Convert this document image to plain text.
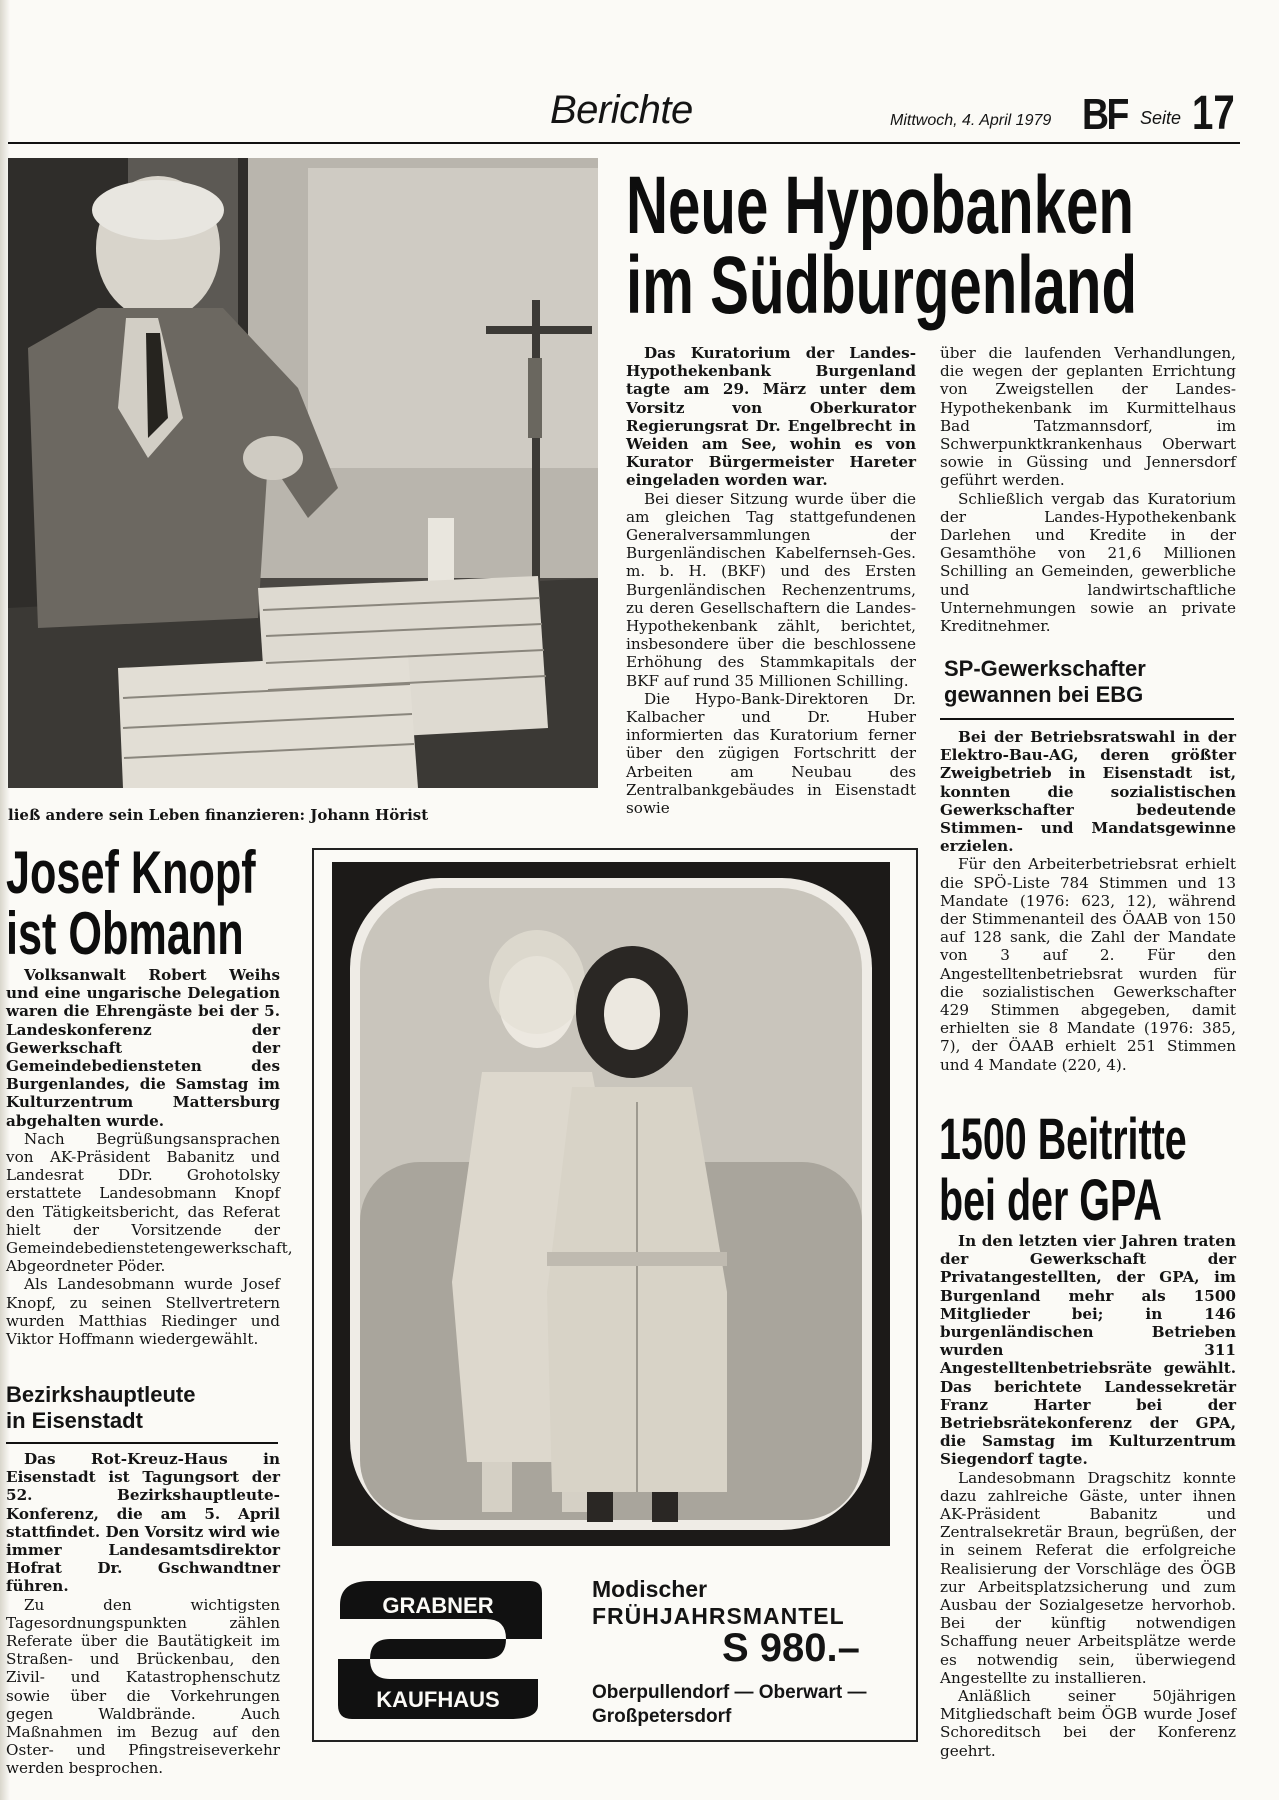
Berichte	Mittwoch, 4. April 1979 BF Seite 17
ließ andere sein Leben finanzieren: Johann Hörist
Neue Hypobanken
im Südburgenland

Das Kuratorium der Landes-Hypothekenbank Burgenland tagte am 29. März unter dem Vorsitz von Oberkurator Regierungsrat Dr. Engelbrecht in Weiden am See, wohin es von Kurator Bürgermeister Hareter eingeladen worden war.

Bei dieser Sitzung wurde über die am gleichen Tag stattgefundenen Generalversammlungen der Burgenländischen Kabelfernseh-Ges. m. b. H. (BKF) und des Ersten Burgenländischen Rechenzentrums, zu deren Gesellschaftern die Landes-Hypothekenbank zählt, berichtet, insbesondere über die beschlossene Erhöhung des Stammkapitals der BKF auf rund 35 Millionen Schilling.

Die Hypo-Bank-Direktoren Dr. Kalbacher und Dr. Huber informierten das Kuratorium ferner über den zügigen Fortschritt der Arbeiten am Neubau des Zentralbankgebäudes in Eisenstadt sowie

über die laufenden Verhandlungen, die wegen der geplanten Errichtung von Zweigstellen der Landes-Hypothekenbank im Kurmittelhaus Bad Tatzmannsdorf, im Schwerpunktkrankenhaus Oberwart sowie in Güssing und Jennersdorf geführt werden.

Schließlich vergab das Kuratorium der Landes-Hypothekenbank Darlehen und Kredite in der Gesamthöhe von 21,6 Millionen Schilling an Gemeinden, gewerbliche und landwirtschaftliche Unternehmungen sowie an private Kreditnehmer.

SP-Gewerkschafter
gewannen bei EBG

Bei der Betriebsratswahl in der Elektro-Bau-AG, deren größter Zweigbetrieb in Eisenstadt ist, konnten die sozialistischen Gewerkschafter bedeutende Stimmen- und Mandatsgewinne erzielen.

Für den Arbeiterbetriebsrat erhielt die SPÖ-Liste 784 Stimmen und 13 Mandate (1976: 623, 12), während der Stimmenanteil des ÖAAB von 150 auf 128 sank, die Zahl der Mandate von 3 auf 2. Für den Angestelltenbetriebsrat wurden für die sozialistischen Gewerkschafter 429 Stimmen abgegeben, damit erhielten sie 8 Mandate (1976: 385, 7), der ÖAAB erhielt 251 Stimmen und 4 Mandate (220, 4).

1500 Beitritte
bei der GPA

In den letzten vier Jahren traten der Gewerkschaft der Privatangestellten, der GPA, im Burgenland mehr als 1500 Mitglieder bei; in 146 burgenländischen Betrieben wurden 311 Angestelltenbetriebsräte gewählt. Das berichtete Landessekretär Franz Harter bei der Betriebsrätekonferenz der GPA, die Samstag im Kulturzentrum Siegendorf tagte.

Landesobmann Dragschitz konnte dazu zahlreiche Gäste, unter ihnen AK-Präsident Babanitz und Zentralsekretär Braun, begrüßen, der in seinem Referat die erfolgreiche Realisierung der Vorschläge des ÖGB zur Arbeitsplatzsicherung und zum Ausbau der Sozialgesetze hervorhob. Bei der künftig notwendigen Schaffung neuer Arbeitsplätze werde es notwendig sein, überwiegend Angestellte zu installieren.

Anläßlich seiner 50jährigen Mitgliedschaft beim ÖGB wurde Josef Schoreditsch bei der Konferenz geehrt.

Josef Knopf
ist Obmann

Volksanwalt Robert Weihs und eine ungarische Delegation waren die Ehrengäste bei der 5. Landeskonferenz der Gewerkschaft der Gemeindebediensteten des Burgenlandes, die Samstag im Kulturzentrum Mattersburg abgehalten wurde.

Nach Begrüßungsansprachen von AK-Präsident Babanitz und Landesrat DDr. Grohotolsky erstattete Landesobmann Knopf den Tätigkeitsbericht, das Referat hielt der Vorsitzende der Gemeindebedienstetengewerkschaft, Abgeordneter Pöder.

Als Landesobmann wurde Josef Knopf, zu seinen Stellvertretern wurden Matthias Riedinger und Viktor Hoffmann wiedergewählt.

Bezirkshauptleute
in Eisenstadt

Das Rot-Kreuz-Haus in Eisenstadt ist Tagungsort der 52. Bezirkshauptleute-Konferenz, die am 5. April stattfindet. Den Vorsitz wird wie immer Landesamtsdirektor Hofrat Dr. Gschwandtner führen.

Zu den wichtigsten Tagesordnungspunkten zählen Referate über die Bautätigkeit im Straßen- und Brückenbau, den Zivil- und Katastrophenschutz sowie über die Vorkehrungen gegen Waldbrände. Auch Maßnahmen im Bezug auf den Oster- und Pfingstreiseverkehr werden besprochen.

GRABNER
KAUFHAUS
Modischer
FRÜHJAHRSMANTEL
S 980.–
Oberpullendorf — Oberwart —
Großpetersdorf
